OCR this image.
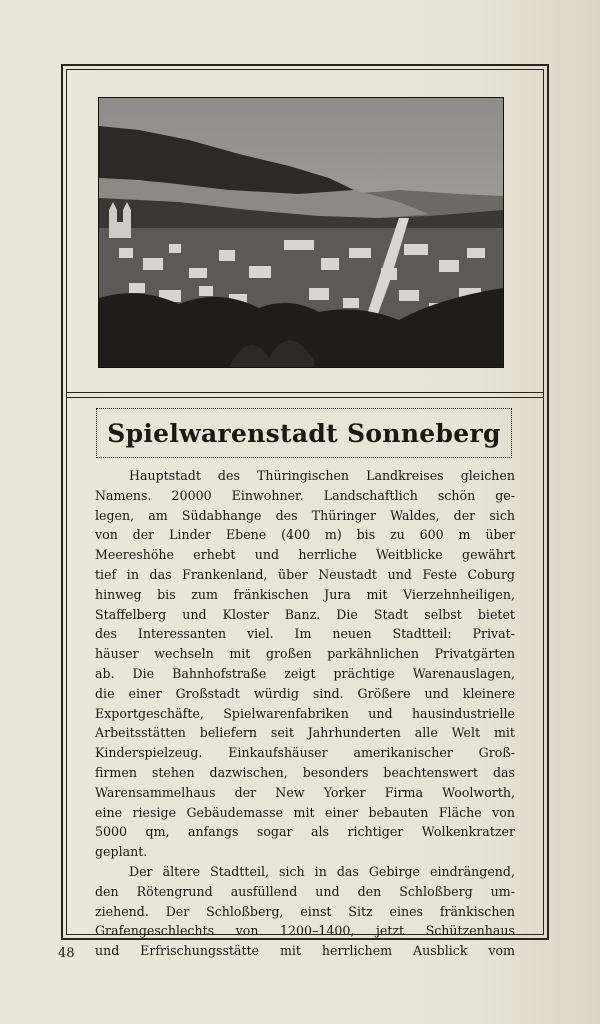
Spielwarenstadt Sonneberg
Hauptstadt des Thüringischen Landkreises gleichen
Namens. 20000 Einwohner. Landschaftlich schön ge-
legen, am Südabhange des Thüringer Waldes, der sich
von der Linder Ebene (400 m) bis zu 600 m über
Meereshöhe erhebt und herrliche Weitblicke gewährt
tief in das Frankenland, über Neustadt und Feste Coburg
hinweg bis zum fränkischen Jura mit Vierzehnheiligen,
Staffelberg und Kloster Banz. Die Stadt selbst bietet
des Interessanten viel. Im neuen Stadtteil: Privat-
häuser wechseln mit großen parkähnlichen Privatgärten
ab. Die Bahnhofstraße zeigt prächtige Warenauslagen,
die einer Großstadt würdig sind. Größere und kleinere
Exportgeschäfte, Spielwarenfabriken und hausindustrielle
Arbeitsstätten beliefern seit Jahrhunderten alle Welt mit
Kinderspielzeug. Einkaufshäuser amerikanischer Groß-
firmen stehen dazwischen, besonders beachtenswert das
Warensammelhaus der New Yorker Firma Woolworth,
eine riesige Gebäudemasse mit einer bebauten Fläche von
5000 qm, anfangs sogar als richtiger Wolkenkratzer
geplant.
Der ältere Stadtteil, sich in das Gebirge eindrängend,
den Rötengrund ausfüllend und den Schloßberg um-
ziehend. Der Schloßberg, einst Sitz eines fränkischen
Grafengeschlechts von 1200–1400, jetzt Schützenhaus
und Erfrischungsstätte mit herrlichem Ausblick vom
48
